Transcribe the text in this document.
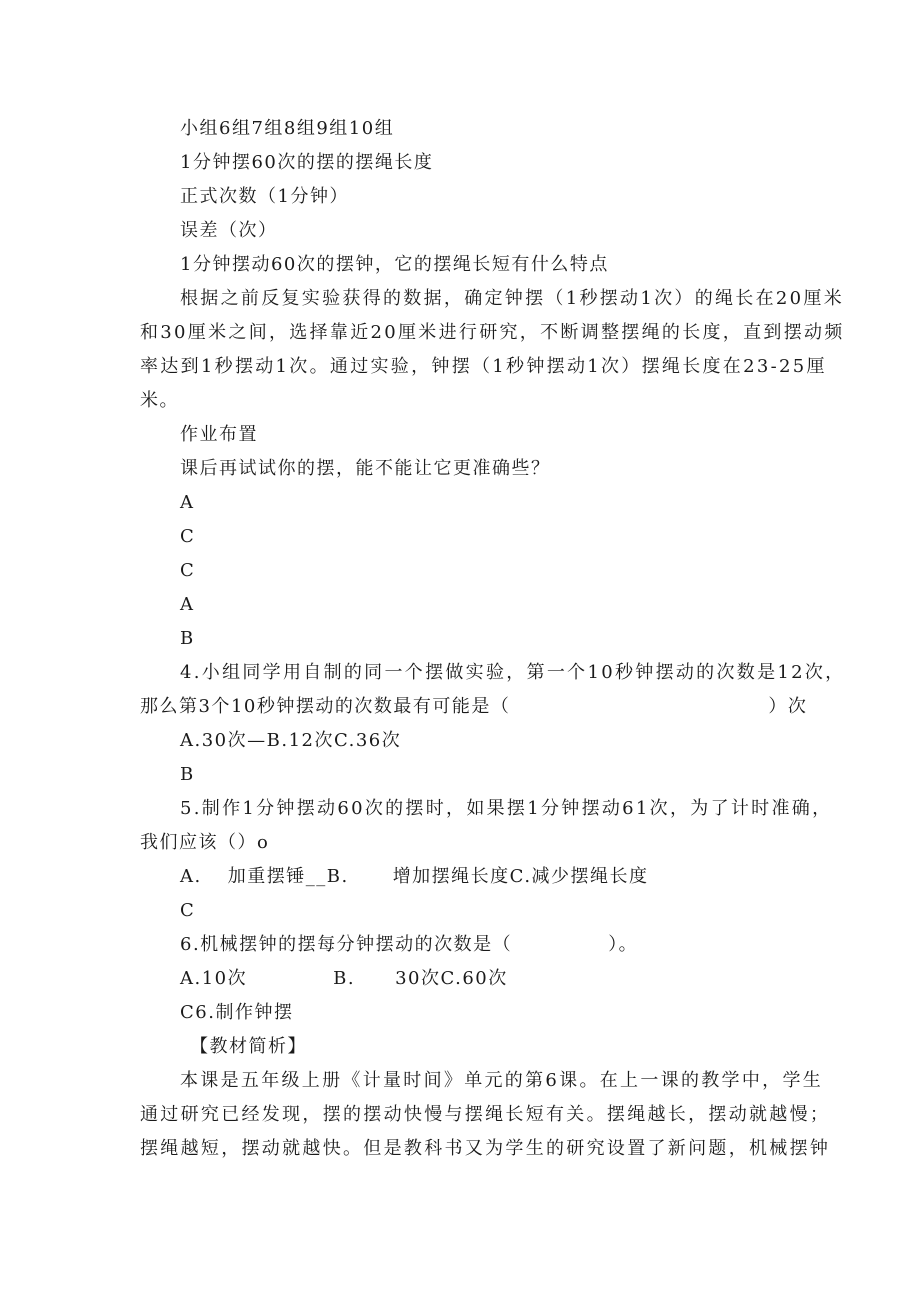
小组6组7组8组9组10组

1分钟摆60次的摆的摆绳长度

正式次数（1分钟）

误差（次）

1分钟摆动60次的摆钟，它的摆绳长短有什么特点

根据之前反复实验获得的数据，确定钟摆（1秒摆动1次）的绳长在20厘米

和30厘米之间，选择靠近20厘米进行研究，不断调整摆绳的长度，直到摆动频

率达到1秒摆动1次。通过实验，钟摆（1秒钟摆动1次）摆绳长度在23-25厘

米。

作业布置

课后再试试你的摆，能不能让它更准确些？

A

C

C

A

B

4.小组同学用自制的同一个摆做实验，第一个10秒钟摆动的次数是12次，

那么第3个10秒钟摆动的次数最有可能是（	）次

A.30次—B.12次C.36次

B

5.制作1分钟摆动60次的摆时，如果摆1分钟摆动61次，为了计时准确，

我们应该（）o

A. 加重摆锤__B. 增加摆绳长度C.减少摆绳长度

C

6.机械摆钟的摆每分钟摆动的次数是（	）。

A.10次	B. 30次C.60次

C6.制作钟摆

【教材简析】

本课是五年级上册《计量时间》单元的第6课。在上一课的教学中，学生

通过研究已经发现，摆的摆动快慢与摆绳长短有关。摆绳越长，摆动就越慢；

摆绳越短，摆动就越快。但是教科书又为学生的研究设置了新问题，机械摆钟
